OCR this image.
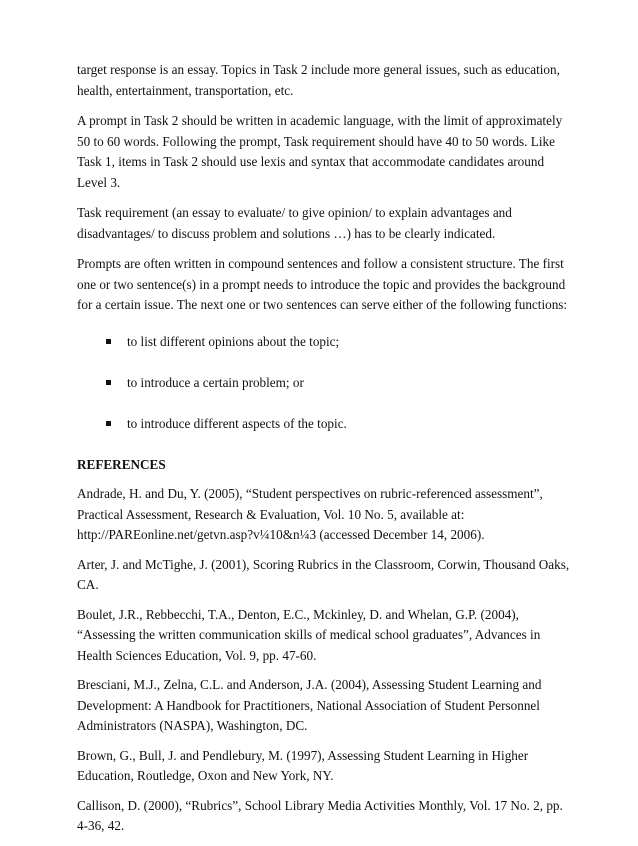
target response is an essay. Topics in Task 2 include more general issues, such as education,
health, entertainment, transportation, etc.
A prompt in Task 2 should be written in academic language, with the limit of approximately
50 to 60 words. Following the prompt, Task requirement should have 40 to 50 words. Like
Task 1, items in Task 2 should use lexis and syntax that accommodate candidates around
Level 3.
Task requirement (an essay to evaluate/ to give opinion/ to explain advantages and
disadvantages/ to discuss problem and solutions …) has to be clearly indicated.
Prompts are often written in compound sentences and follow a consistent structure. The first
one or two sentence(s) in a prompt needs to introduce the topic and provides the background
for a certain issue. The next one or two sentences can serve either of the following functions:
to list different opinions about the topic;
to introduce a certain problem; or
to introduce different aspects of the topic.
REFERENCES
Andrade, H. and Du, Y. (2005), “Student perspectives on rubric-referenced assessment”,
Practical Assessment, Research & Evaluation, Vol. 10 No. 5, available at:
http://PAREonline.net/getvn.asp?v¼10&n¼3 (accessed December 14, 2006).
Arter, J. and McTighe, J. (2001), Scoring Rubrics in the Classroom, Corwin, Thousand Oaks,
CA.
Boulet, J.R., Rebbecchi, T.A., Denton, E.C., Mckinley, D. and Whelan, G.P. (2004),
“Assessing the written communication skills of medical school graduates”, Advances in
Health Sciences Education, Vol. 9, pp. 47-60.
Bresciani, M.J., Zelna, C.L. and Anderson, J.A. (2004), Assessing Student Learning and
Development: A Handbook for Practitioners, National Association of Student Personnel
Administrators (NASPA), Washington, DC.
Brown, G., Bull, J. and Pendlebury, M. (1997), Assessing Student Learning in Higher
Education, Routledge, Oxon and New York, NY.
Callison, D. (2000), “Rubrics”, School Library Media Activities Monthly, Vol. 17 No. 2, pp.
4-36, 42.
